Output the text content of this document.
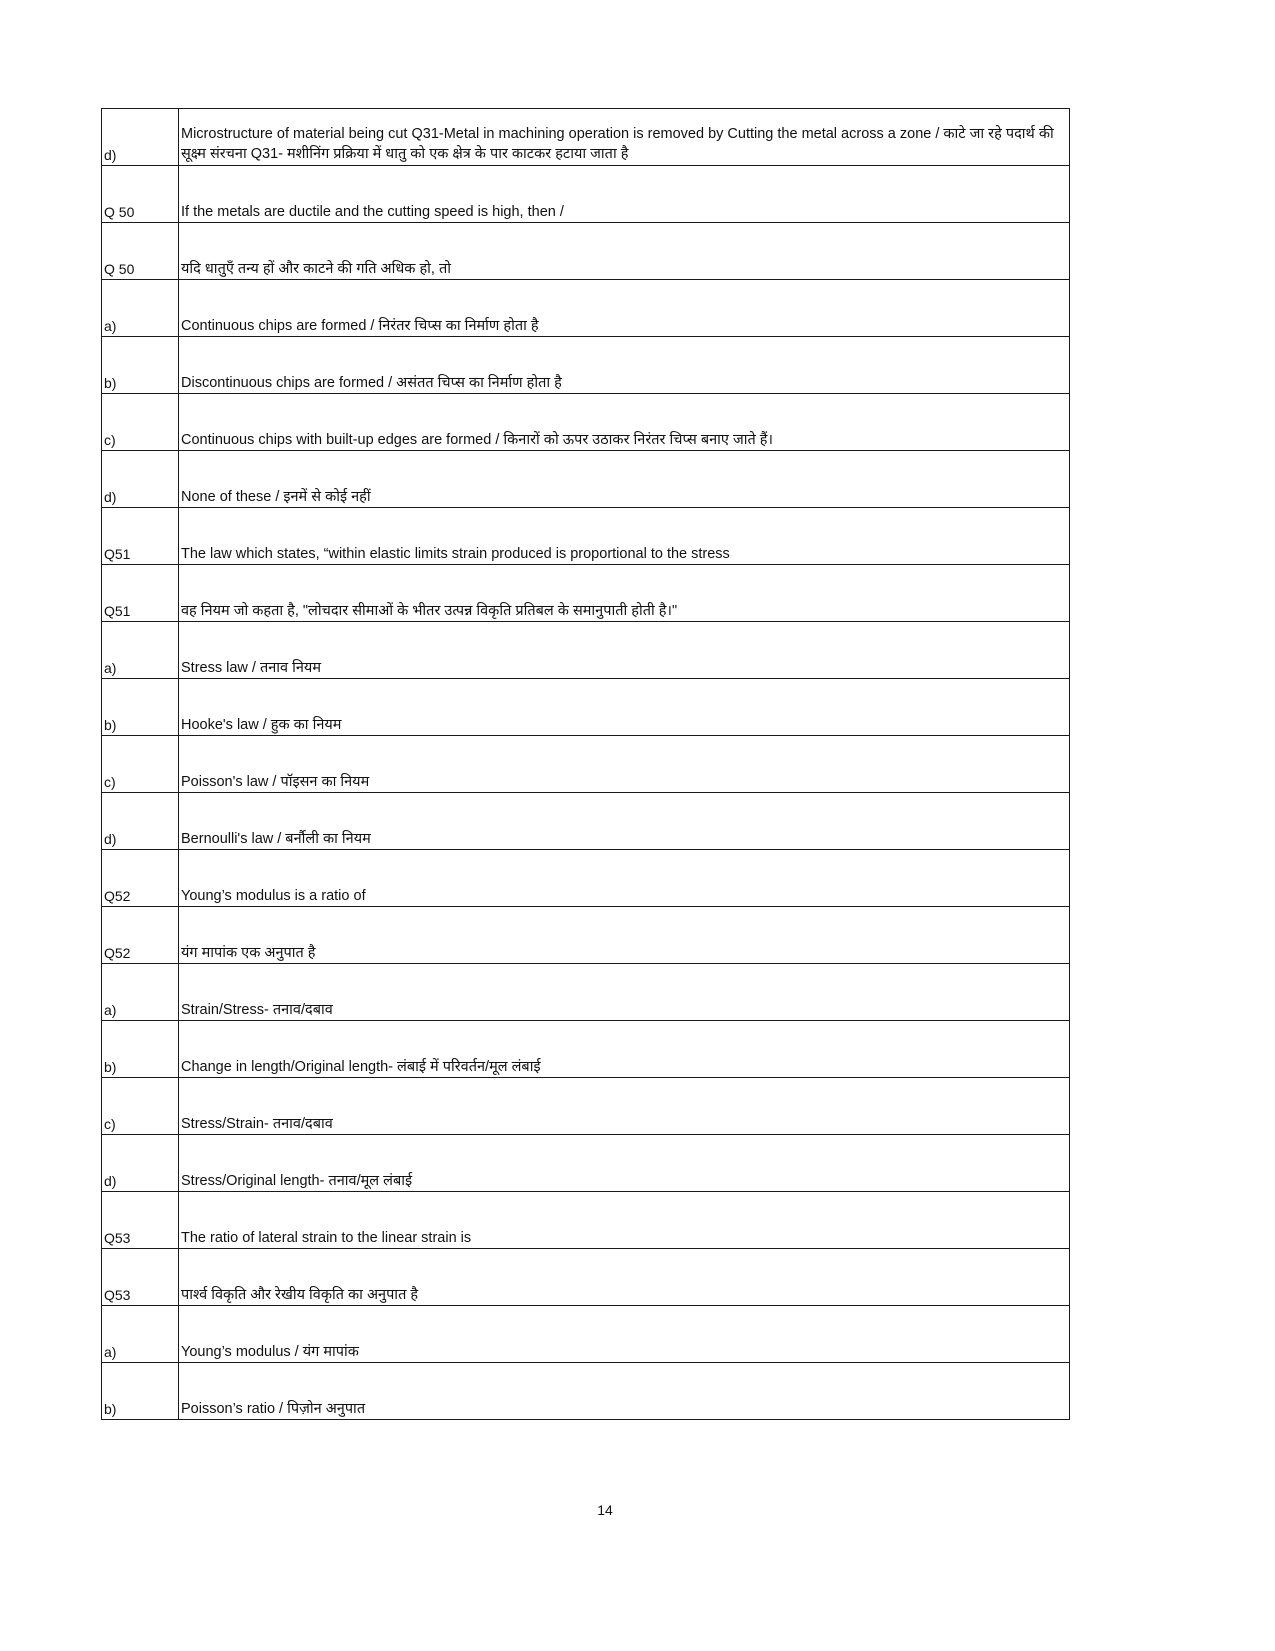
d)	Microstructure of material being cut Q31-Metal in machining operation is removed by Cutting the metal across a zone / काटे जा रहे पदार्थ की सूक्ष्म संरचना Q31- मशीनिंग प्रक्रिया में धातु को एक क्षेत्र के पार काटकर हटाया जाता है
Q 50	If the metals are ductile and the cutting speed is high, then /
Q 50	यदि धातुएँ तन्य हों और काटने की गति अधिक हो, तो
a)	Continuous chips are formed / निरंतर चिप्स का निर्माण होता है
b)	Discontinuous chips are formed / असंतत चिप्स का निर्माण होता है
c)	Continuous chips with built-up edges are formed / किनारों को ऊपर उठाकर निरंतर चिप्स बनाए जाते हैं।
d)	None of these / इनमें से कोई नहीं
Q51	The law which states, “within elastic limits strain produced is proportional to the stress
Q51	वह नियम जो कहता है, "लोचदार सीमाओं के भीतर उत्पन्न विकृति प्रतिबल के समानुपाती होती है।"
a)	Stress law / तनाव नियम
b)	Hooke's law / हुक का नियम
c)	Poisson's law / पॉइसन का नियम
d)	Bernoulli's law / बर्नौली का नियम
Q52	Young’s modulus is a ratio of
Q52	यंग मापांक एक अनुपात है
a)	Strain/Stress- तनाव/दबाव
b)	Change in length/Original length- लंबाई में परिवर्तन/मूल लंबाई
c)	Stress/Strain- तनाव/दबाव
d)	Stress/Original length- तनाव/मूल लंबाई
Q53	The ratio of lateral strain to the linear strain is
Q53	पार्श्व विकृति और रेखीय विकृति का अनुपात है
a)	Young’s modulus / यंग मापांक
b)	Poisson’s ratio / पिज़ोन अनुपात
14
